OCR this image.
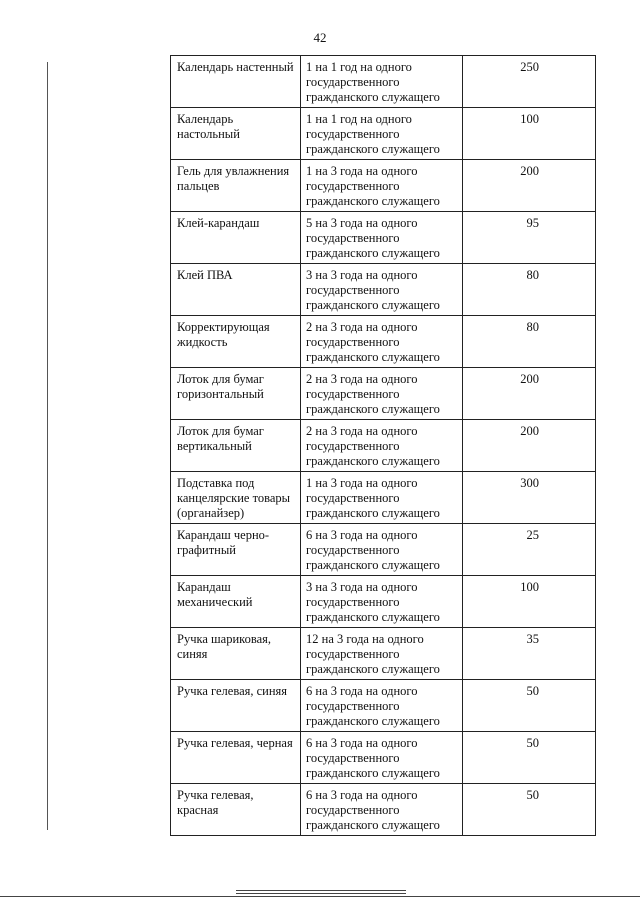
42
Календарь настенный	1 на 1 год на одного государственного гражданского служащего	250
Календарь настольный	1 на 1 год на одного государственного гражданского служащего	100
Гель для увлажнения пальцев	1 на 3 года на одного государственного гражданского служащего	200
Клей-карандаш	5 на 3 года на одного государственного гражданского служащего	95
Клей ПВА	3 на 3 года на одного государственного гражданского служащего	80
Корректирующая жидкость	2 на 3 года на одного государственного гражданского служащего	80
Лоток для бумаг горизонтальный	2 на 3 года на одного государственного гражданского служащего	200
Лоток для бумаг вертикальный	2 на 3 года на одного государственного гражданского служащего	200
Подставка под канцелярские товары (органайзер)	1 на 3 года на одного государственного гражданского служащего	300
Карандаш черно-графитный	6 на 3 года на одного государственного гражданского служащего	25
Карандаш механический	3 на 3 года на одного государственного гражданского служащего	100
Ручка шариковая, синяя	12 на 3 года на одного государственного гражданского служащего	35
Ручка гелевая, синяя	6 на 3 года на одного государственного гражданского служащего	50
Ручка гелевая, черная	6 на 3 года на одного государственного гражданского служащего	50
Ручка гелевая, красная	6 на 3 года на одного государственного гражданского служащего	50
